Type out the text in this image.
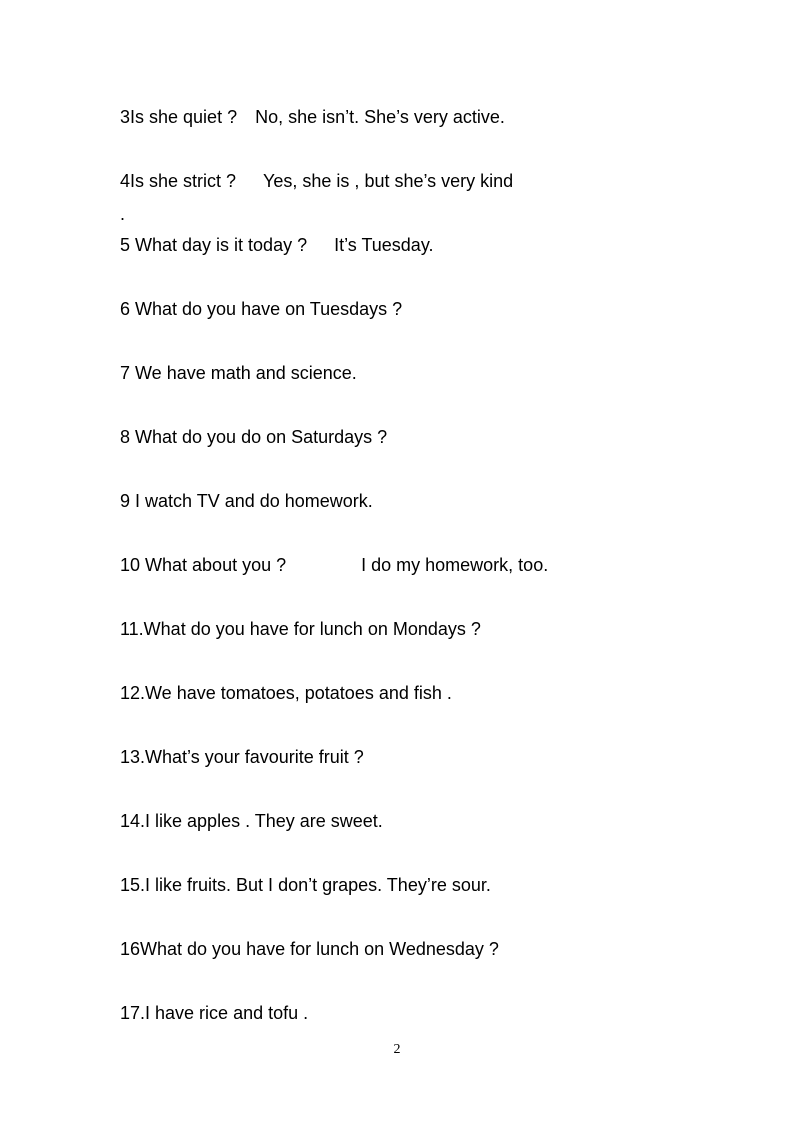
3Is she quiet ? No, she isn’t. She’s very active.
4Is she strict ? Yes, she is , but she’s very kind
.
5 What day is it today ? It’s Tuesday.
6 What do you have on Tuesdays ?
7 We have math and science.
8 What do you do on Saturdays ?
9 I watch TV and do homework.
10 What about you ?	I do my homework, too.
11.What do you have for lunch on Mondays ?
12.We have tomatoes, potatoes and fish .
13.What’s your favourite fruit ?
14.I like apples . They are sweet.
15.I like fruits. But I don’t grapes. They’re sour.
16What do you have for lunch on Wednesday ?
17.I have rice and tofu .
2
